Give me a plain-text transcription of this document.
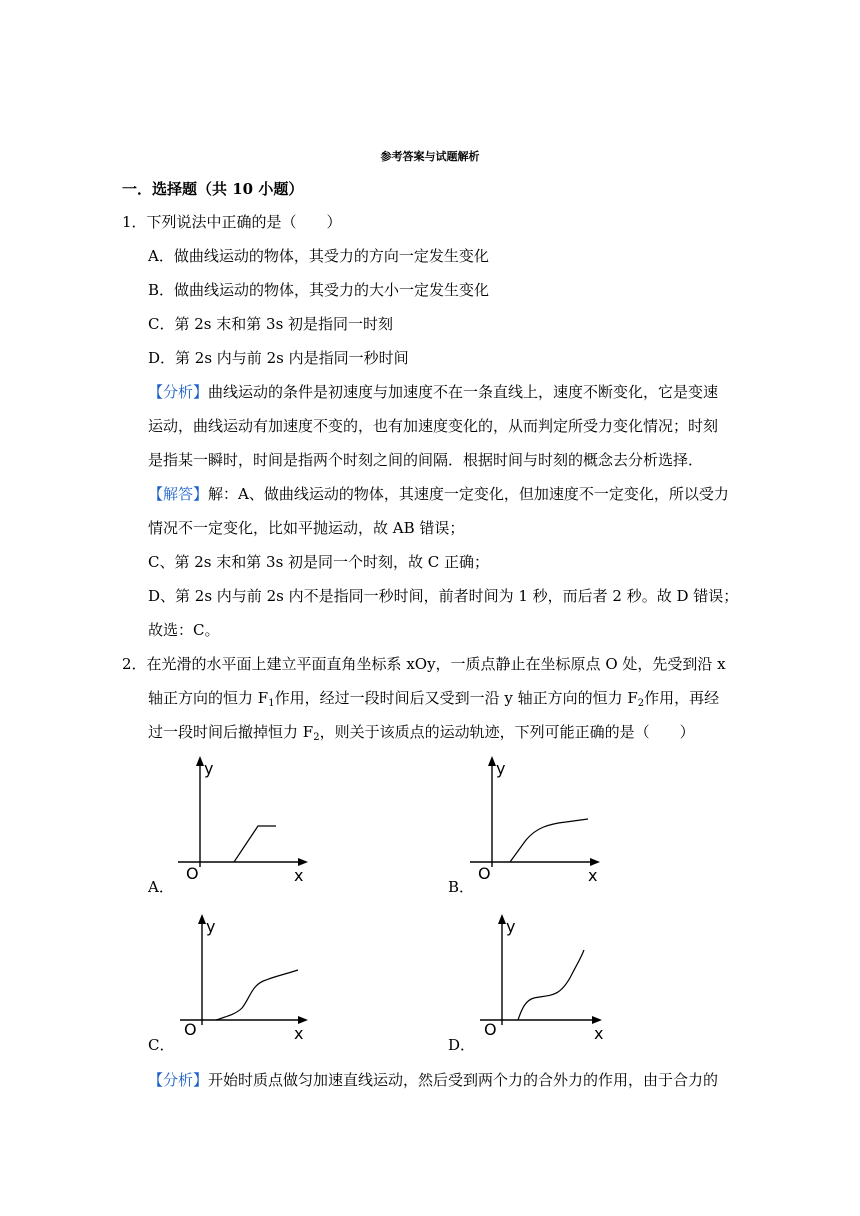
参考答案与试题解析
一．选择题（共 10 小题）
1．下列说法中正确的是（　　）
A．做曲线运动的物体，其受力的方向一定发生变化
B．做曲线运动的物体，其受力的大小一定发生变化
C．第 2s 末和第 3s 初是指同一时刻
D．第 2s 内与前 2s 内是指同一秒时间
【分析】曲线运动的条件是初速度与加速度不在一条直线上，速度不断变化，它是变速
运动，曲线运动有加速度不变的，也有加速度变化的，从而判定所受力变化情况；时刻
是指某一瞬时，时间是指两个时刻之间的间隔．根据时间与时刻的概念去分析选择．
【解答】解：A、做曲线运动的物体，其速度一定变化，但加速度不一定变化，所以受力
情况不一定变化，比如平抛运动，故 AB 错误；
C、第 2s 末和第 3s 初是同一个时刻，故 C 正确；
D、第 2s 内与前 2s 内不是指同一秒时间，前者时间为 1 秒，而后者 2 秒。故 D 错误；
故选：C。
2．在光滑的水平面上建立平面直角坐标系 xOy，一质点静止在坐标原点 O 处，先受到沿 x
轴正方向的恒力 $F_1$作用，经过一段时间后又受到一沿 y 轴正方向的恒力 $F_2$作用，再经
过一段时间后撤掉恒力 $F_2$，则关于该质点的运动轨迹，下列可能正确的是（　　）
y
O	x
A．
y
O	x
B．
y
O	x
C．
y
O	x
D．
【分析】开始时质点做匀加速直线运动，然后受到两个力的合外力的作用，由于合力的
